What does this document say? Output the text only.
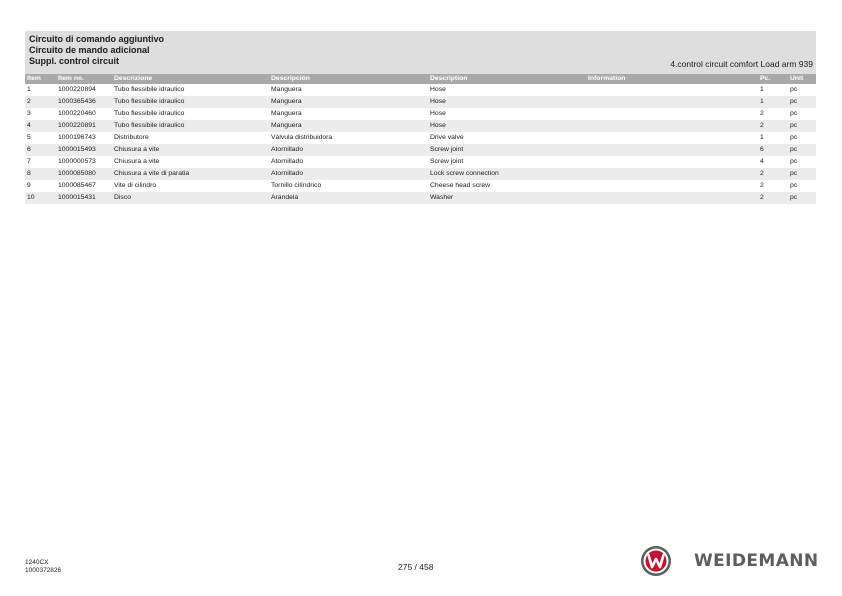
Circuito di comando aggiuntivo
Circuito de mando adicional
Suppl. control circuit	4.control circuit comfort Load arm 939
Item	Item no.	Descrizione	Descripción	Description	Information	Pc.	Unit
1	1000220894	Tubo flessibile idraulico	Manguera	Hose		1	pc
2	1000365436	Tubo flessibile idraulico	Manguera	Hose		1	pc
3	1000220460	Tubo flessibile idraulico	Manguera	Hose		2	pc
4	1000220891	Tubo flessibile idraulico	Manguera	Hose		2	pc
5	1000196743	Distributore	Válvula distribuidora	Drive valve		1	pc
6	1000015493	Chiusura a vite	Atornillado	Screw joint		6	pc
7	1000000573	Chiusura a vite	Atornillado	Screw joint		4	pc
8	1000085080	Chiusura a vite di paratia	Atornillado	Lock screw connection		2	pc
9	1000085467	Vite di cilindro	Tornillo cilíndrico	Cheese head screw		2	pc
10	1000015431	Disco	Arandela	Washer		2	pc
1240CX
1000372826	275 / 458	WEIDEMANN
